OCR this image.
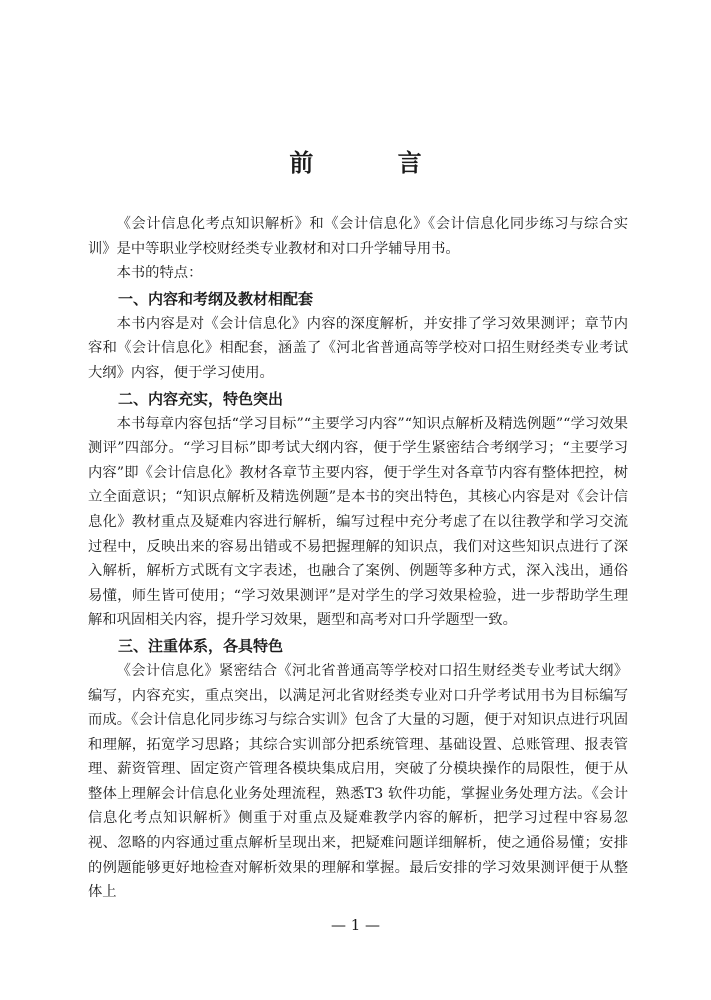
前 言

《会计信息化考点知识解析》和《会计信息化》《会计信息化同步练习与综合实训》是中等职业学校财经类专业教材和对口升学辅导用书。

本书的特点：

一、内容和考纲及教材相配套

本书内容是对《会计信息化》内容的深度解析，并安排了学习效果测评；章节内容和《会计信息化》相配套，涵盖了《河北省普通高等学校对口招生财经类专业考试大纲》内容，便于学习使用。

二、内容充实，特色突出

本书每章内容包括“学习目标”“主要学习内容”“知识点解析及精选例题”“学习效果测评”四部分。“学习目标”即考试大纲内容，便于学生紧密结合考纲学习；“主要学习内容”即《会计信息化》教材各章节主要内容，便于学生对各章节内容有整体把控，树立全面意识；“知识点解析及精选例题”是本书的突出特色，其核心内容是对《会计信息化》教材重点及疑难内容进行解析，编写过程中充分考虑了在以往教学和学习交流过程中，反映出来的容易出错或不易把握理解的知识点，我们对这些知识点进行了深入解析，解析方式既有文字表述，也融合了案例、例题等多种方式，深入浅出，通俗易懂，师生皆可使用；“学习效果测评”是对学生的学习效果检验，进一步帮助学生理解和巩固相关内容，提升学习效果，题型和高考对口升学题型一致。

三、注重体系，各具特色

《会计信息化》紧密结合《河北省普通高等学校对口招生财经类专业考试大纲》编写，内容充实，重点突出，以满足河北省财经类专业对口升学考试用书为目标编写而成。《会计信息化同步练习与综合实训》包含了大量的习题，便于对知识点进行巩固和理解，拓宽学习思路；其综合实训部分把系统管理、基础设置、总账管理、报表管理、薪资管理、固定资产管理各模块集成启用，突破了分模块操作的局限性，便于从整体上理解会计信息化业务处理流程，熟悉T3 软件功能，掌握业务处理方法。《会计信息化考点知识解析》侧重于对重点及疑难教学内容的解析，把学习过程中容易忽视、忽略的内容通过重点解析呈现出来，把疑难问题详细解析，使之通俗易懂；安排的例题能够更好地检查对解析效果的理解和掌握。最后安排的学习效果测评便于从整体上

— 1 —
